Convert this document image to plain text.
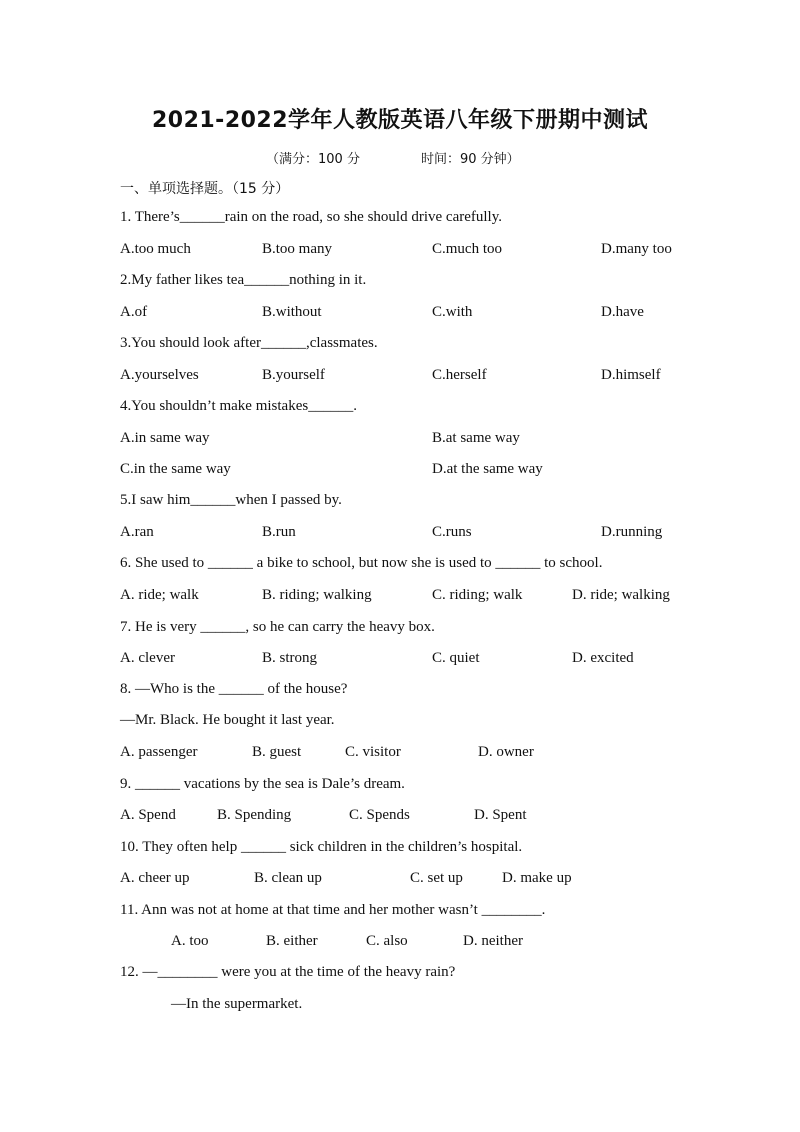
2021-2022学年人教版英语八年级下册期中测试
（满分：100 分	时间：90 分钟）
一、单项选择题。（15 分）
1. There’s______rain on the road, so she should drive carefully.
A.too much	B.too many	C.much too	D.many too
2.My father likes tea______nothing in it.
A.of	B.without	C.with	D.have
3.You should look after______,classmates.
A.yourselves	B.yourself	C.herself	D.himself
4.You shouldn’t make mistakes______.
A.in same way	B.at same way
C.in the same way	D.at the same way
5.I saw him______when I passed by.
A.ran	B.run	C.runs	D.running
6. She used to ______ a bike to school, but now she is used to ______ to school.
A. ride; walk	B. riding; walking	C. riding; walk	D. ride; walking
7. He is very ______, so he can carry the heavy box.
A. clever	B. strong	C. quiet	D. excited
8. —Who is the ______ of the house?
—Mr. Black. He bought it last year.
A. passenger	B. guest	C. visitor	D. owner
9. ______ vacations by the sea is Dale’s dream.
A. Spend	B. Spending	C. Spends	D. Spent
10. They often help ______ sick children in the children’s hospital.
A. cheer up	B. clean up	C. set up	D. make up
11. Ann was not at home at that time and her mother wasn’t ________.
A. too	B. either	C. also	D. neither
12. —________ were you at the time of the heavy rain?
—In the supermarket.
